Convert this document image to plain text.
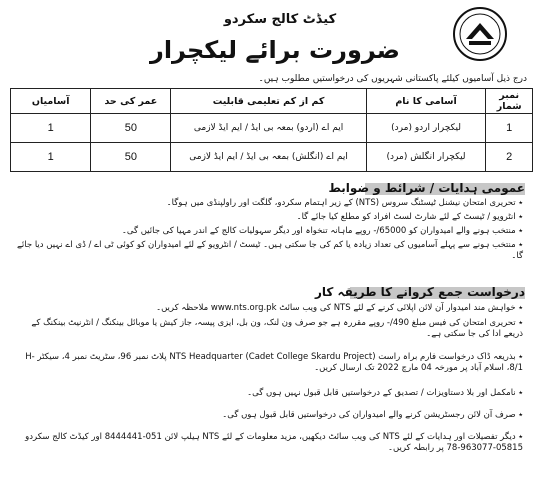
کیڈٹ کالج سکردو
ضرورت برائے لیکچرار
درج ذیل آسامیوں کیلئے پاکستانی شہریوں کی درخواستیں مطلوب ہیں۔
نمبر شمار	آسامی کا نام	کم از کم تعلیمی قابلیت	عمر کی حد	آسامیاں
1	لیکچرار اردو (مرد)	ایم اے (اردو) بمعہ بی ایڈ / ایم ایڈ لازمی	50	1
2	لیکچرار انگلش (مرد)	ایم اے (انگلش) بمعہ بی ایڈ / ایم ایڈ لازمی	50	1
عمومی ہدایات / شرائط و ضوابط
٭ تحریری امتحان نیشنل ٹیسٹنگ سروس (NTS) کے زیر اہتمام سکردو، گلگت اور راولپنڈی میں ہوگا۔
٭ انٹرویو / ٹیسٹ کے لئے شارٹ لسٹ افراد کو مطلع کیا جائے گا۔
٭ منتخب ہونے والے امیدواران کو 65000/- روپے ماہانہ تنخواہ اور دیگر سہولیات کالج کے اندر مہیا کی جائیں گی۔
٭ منتخب ہونے سے پہلے آسامیوں کی تعداد زیادہ یا کم کی جا سکتی ہیں۔ ٹیسٹ / انٹرویو کے لئے امیدواران کو کوئی ٹی اے / ڈی اے نہیں دیا جائے گا۔
درخواست جمع کروانے کا طریقہ کار
٭ خواہش مند امیدوار آن لائن اپلائی کرنے کے لئے NTS کی ویب سائٹ www.nts.org.pk ملاحظہ کریں۔
٭ تحریری امتحان کی فیس مبلغ 490/- روپے مقررہ ہے جو صرف ون لنک، ون بل، ایزی پیسہ، جاز کیش یا موبائل بینکنگ / انٹرنیٹ بینکنگ کے ذریعے ادا کی جا سکتی ہے۔
٭ بذریعہ ڈاک درخواست فارم براہ راست NTS Headquarter (Cadet College Skardu Project) پلاٹ نمبر 96، سٹریٹ نمبر 4، سیکٹر H-8/1، اسلام آباد پر مورخہ 04 مارچ 2022 تک ارسال کریں۔
٭ نامکمل اور بلا دستاویزات / تصدیق کے درخواستیں قابل قبول نہیں ہوں گی۔
٭ صرف آن لائن رجسٹریشن کرنے والے امیدواران کی درخواستیں قابل قبول ہوں گی۔
٭ دیگر تفصیلات اور ہدایات کے لئے NTS کی ویب سائٹ دیکھیں، مزید معلومات کے لئے NTS ہیلپ لائن 051-8444441 اور کیڈٹ کالج سکردو 05815-963077-78 پر رابطہ کریں۔
